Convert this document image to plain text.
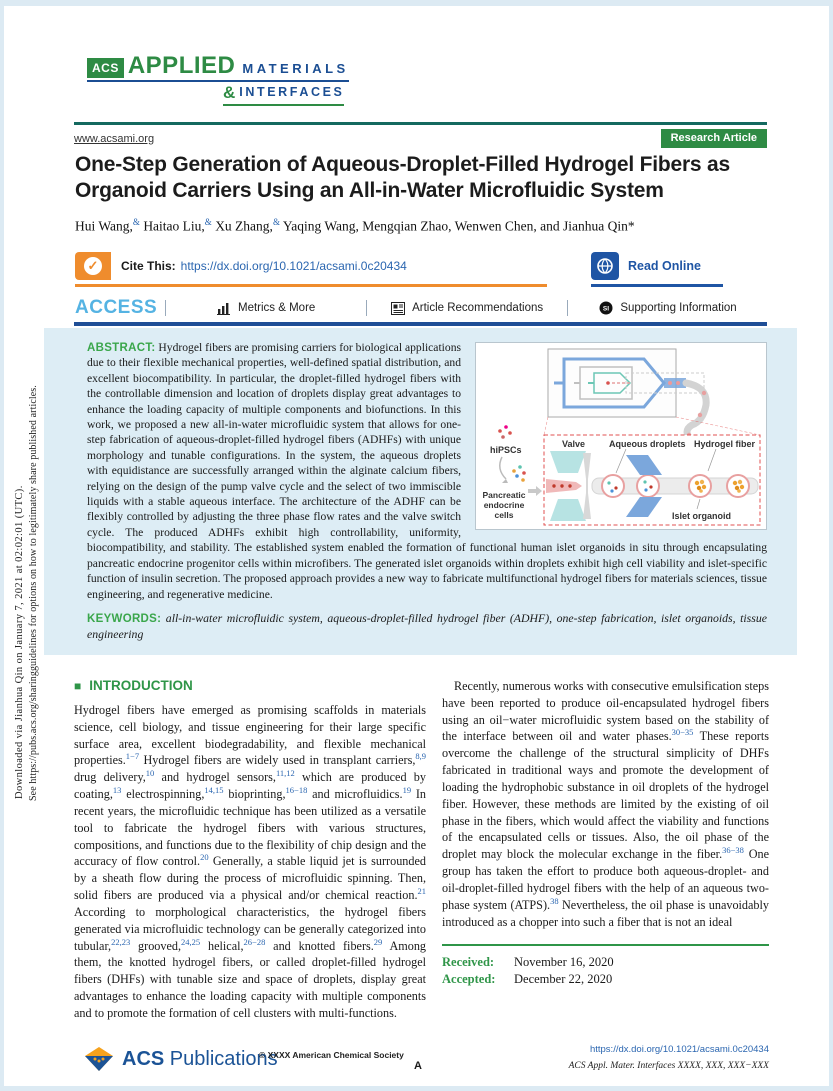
Downloaded via Jianhua Qin on January 7, 2021 at 02:02:01 (UTC). See https://pubs.acs.org/sharingguidelines for options on how to legitimately share published articles.
ACS APPLIED MATERIALS

& INTERFACES
www.acsami.org	Research Article
One-Step Generation of Aqueous-Droplet-Filled Hydrogel Fibers as Organoid Carriers Using an All-in-Water Microfluidic System
Hui Wang,& Haitao Liu,& Xu Zhang,& Yaqing Wang, Mengqian Zhao, Wenwen Chen, and Jianhua Qin*
✓ Cite This: https://dx.doi.org/10.1021/acsami.0c20434	Read Online
ACCESS	Metrics & More	Article Recommendations	SI Supporting Information
hiPSCs
Pancreatic
endocrine
cells
Valve	Aqueous droplets Hydrogel fiber
Islet organoid

ABSTRACT: Hydrogel fibers are promising carriers for biological applications due to their flexible mechanical properties, well-defined spatial distribution, and excellent biocompatibility. In particular, the droplet-filled hydrogel fibers with the controllable dimension and location of droplets display great advantages to enhance the loading capacity of multiple components and biofunctions. In this work, we proposed a new all-in-water microfluidic system that allows for one-step fabrication of aqueous-droplet-filled hydrogel fibers (ADHFs) with unique morphology and tunable configurations. In the system, the aqueous droplets with equidistance are successfully arranged within the alginate calcium fibers, relying on the design of the pump valve cycle and the select of two immiscible liquids with a stable aqueous interface. The architecture of the ADHF can be flexibly controlled by adjusting the three phase flow rates and the valve switch cycle. The produced ADHFs exhibit high controllability, uniformity, biocompatibility, and stability. The established system enabled the formation of functional human islet organoids in situ through encapsulating pancreatic endocrine progenitor cells within microfibers. The generated islet organoids within droplets exhibit high cell viability and islet-specific function of insulin secretion. The proposed approach provides a new way to fabricate multifunctional hydrogel fibers for materials sciences, tissue engineering, and regenerative medicine.

KEYWORDS: all-in-water microfluidic system, aqueous-droplet-filled hydrogel fiber (ADHF), one-step fabrication, islet organoids, tissue engineering

■ INTRODUCTION

Hydrogel fibers have emerged as promising scaffolds in materials science, cell biology, and tissue engineering for their large specific surface area, excellent biodegradability, and flexible mechanical properties.$^{1-7}$ Hydrogel fibers are widely used in transplant carriers,$^{8,9}$ drug delivery,$^{10}$ and hydrogel sensors,$^{11,12}$ which are produced by coating,$^{13}$ electrospinning,$^{14,15}$ bioprinting,$^{16-18}$ and microfluidics.$^{19}$ In recent years, the microfluidic technique has been utilized as a versatile tool to fabricate the hydrogel fibers with various structures, compositions, and functions due to the flexibility of chip design and the accuracy of flow control.$^{20}$ Generally, a stable liquid jet is surrounded by a sheath flow during the process of microfluidic spinning. Then, solid fibers are produced via a physical and/or chemical reaction.$^{21}$ According to morphological characteristics, the hydrogel fibers generated via microfluidic technology can be generally categorized into tubular,$^{22,23}$ grooved,$^{24,25}$ helical,$^{26-28}$ and knotted fibers.$^{29}$ Among them, the knotted hydrogel fibers, or called droplet-filled hydrogel fibers (DHFs) with tunable size and space of droplets, display great advantages to enhance the loading capacity with multiple components and to promote the formation of cell clusters with multi-functions.

Recently, numerous works with consecutive emulsification steps have been reported to produce oil-encapsulated hydrogel fibers using an oil−water microfluidic system based on the stability of the interface between oil and water phases.$^{30-35}$ These reports overcome the challenge of the structural simplicity of DHFs fabricated in traditional ways and promote the development of loading the hydrophobic substance in oil droplets of the hydrogel fiber. However, these methods are limited by the existing of oil phase in the fibers, which would affect the viability and functions of the encapsulated cells or tissues. Also, the oil phase of the droplet may block the molecular exchange in the fiber.$^{36-38}$ One group has taken the effort to produce both aqueous-droplet- and oil-droplet-filled hydrogel fibers with the help of an aqueous two-phase system (ATPS).$^{38}$ Nevertheless, the oil phase is unavoidably introduced as a chopper into such a fiber that is not an ideal

Received:	November 16, 2020
Accepted:	December 22, 2020
ACS Publications
© XXXX American Chemical Society
A
https://dx.doi.org/10.1021/acsami.0c20434
ACS Appl. Mater. Interfaces XXXX, XXX, XXX−XXX
